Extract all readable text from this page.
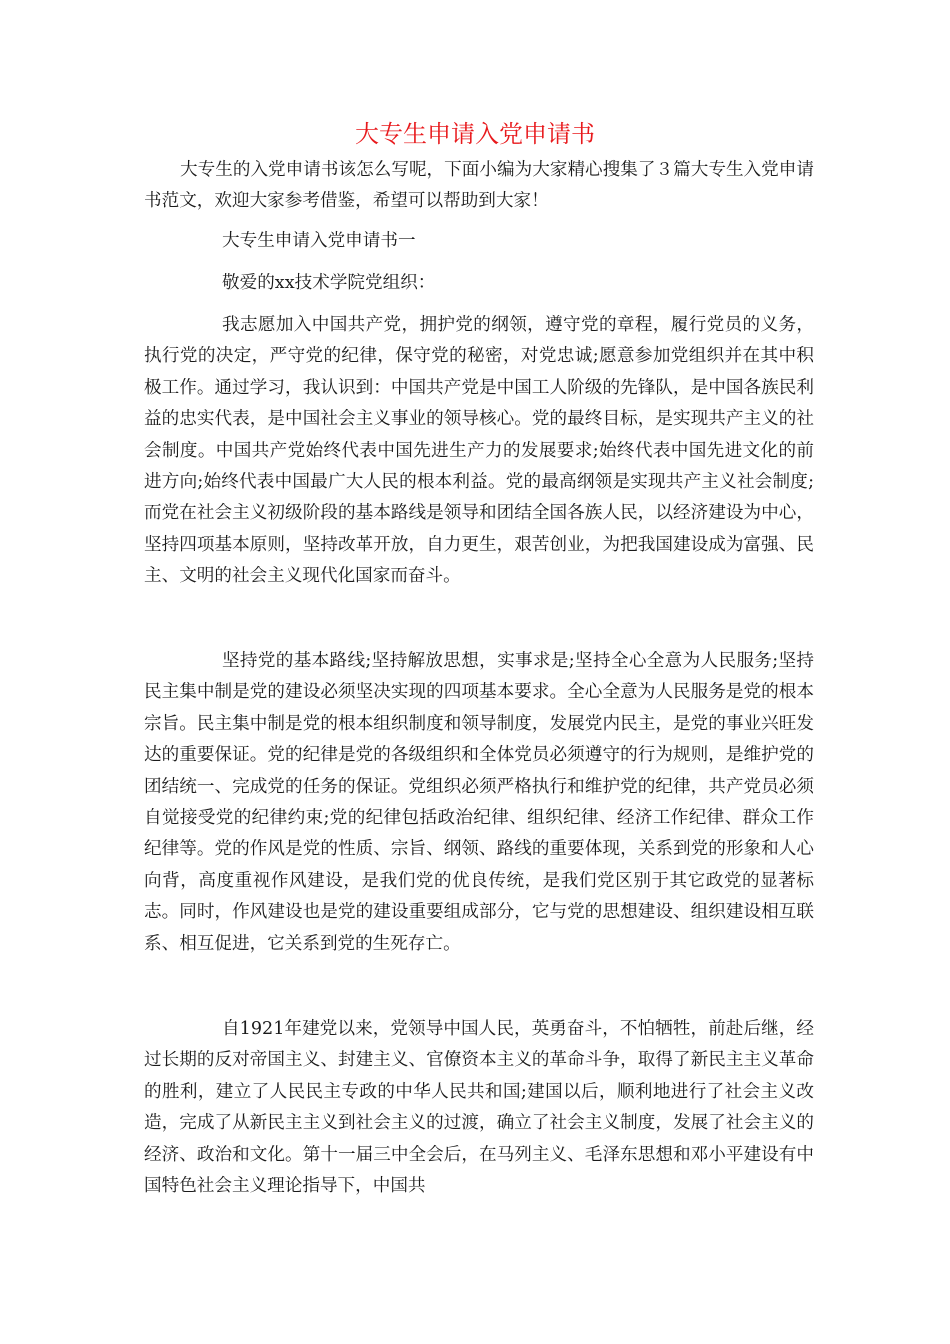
大专生申请入党申请书
大专生的入党申请书该怎么写呢，下面小编为大家精心搜集了３篇大专生入党申请书范文，欢迎大家参考借鉴，希望可以帮助到大家！
大专生申请入党申请书一
敬爱的xx技术学院党组织：
我志愿加入中国共产党，拥护党的纲领，遵守党的章程，履行党员的义务，执行党的决定，严守党的纪律，保守党的秘密，对党忠诚;愿意参加党组织并在其中积极工作。通过学习，我认识到：中国共产党是中国工人阶级的先锋队，是中国各族民利益的忠实代表，是中国社会主义事业的领导核心。党的最终目标，是实现共产主义的社会制度。中国共产党始终代表中国先进生产力的发展要求;始终代表中国先进文化的前进方向;始终代表中国最广大人民的根本利益。党的最高纲领是实现共产主义社会制度;而党在社会主义初级阶段的基本路线是领导和团结全国各族人民，以经济建设为中心，坚持四项基本原则，坚持改革开放，自力更生，艰苦创业，为把我国建设成为富强、民主、文明的社会主义现代化国家而奋斗。
坚持党的基本路线;坚持解放思想，实事求是;坚持全心全意为人民服务;坚持民主集中制是党的建设必须坚决实现的四项基本要求。全心全意为人民服务是党的根本宗旨。民主集中制是党的根本组织制度和领导制度，发展党内民主，是党的事业兴旺发达的重要保证。党的纪律是党的各级组织和全体党员必须遵守的行为规则，是维护党的团结统一、完成党的任务的保证。党组织必须严格执行和维护党的纪律，共产党员必须自觉接受党的纪律约束;党的纪律包括政治纪律、组织纪律、经济工作纪律、群众工作纪律等。党的作风是党的性质、宗旨、纲领、路线的重要体现，关系到党的形象和人心向背，高度重视作风建设，是我们党的优良传统，是我们党区别于其它政党的显著标志。同时，作风建设也是党的建设重要组成部分，它与党的思想建设、组织建设相互联系、相互促进，它关系到党的生死存亡。
自1921年建党以来，党领导中国人民，英勇奋斗，不怕牺牲，前赴后继，经过长期的反对帝国主义、封建主义、官僚资本主义的革命斗争，取得了新民主主义革命的胜利，建立了人民民主专政的中华人民共和国;建国以后，顺利地进行了社会主义改造，完成了从新民主主义到社会主义的过渡，确立了社会主义制度，发展了社会主义的经济、政治和文化。第十一届三中全会后，在马列主义、毛泽东思想和邓小平建设有中国特色社会主义理论指导下，中国共
